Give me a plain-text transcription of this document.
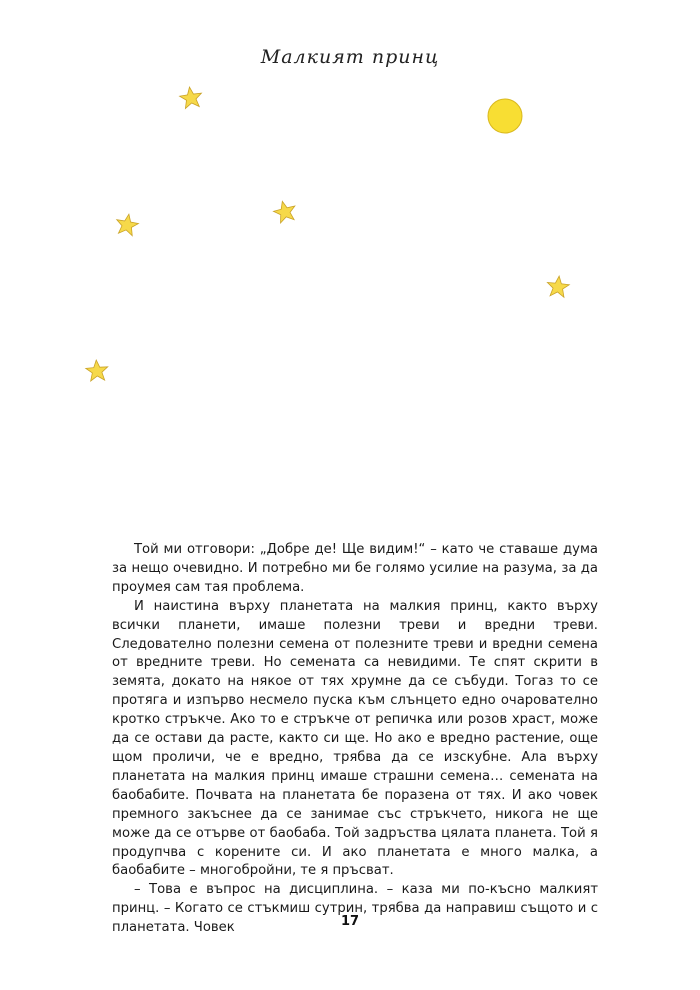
Малкият принц

Той ми отговори: „Добре де! Ще видим!“ – като че ставаше дума за нещо очевидно. И потребно ми бе голямо усилие на разума, за да проумея сам тая проблема.

И наистина върху планетата на малкия принц, както върху всички планети, имаше полезни треви и вредни треви. Следователно полезни семена от полезните треви и вредни семена от вредните треви. Но семената са невидими. Те спят скрити в земята, докато на някое от тях хрумне да се събуди. Тогаз то се протяга и изпърво несмело пуска към слънцето едно очарователно кротко стръкче. Ако то е стръкче от репичка или розов храст, може да се остави да расте, както си ще. Но ако е вредно растение, още щом проличи, че е вредно, трябва да се изскубне. Ала върху планетата на малкия принц имаше страшни семена… семената на баобабите. Почвата на планетата бе поразена от тях. И ако човек премного закъснее да се занимае със стръкчето, никога не ще може да се отърве от баобаба. Той задръства цялата планета. Той я продупчва с корените си. И ако планетата е много малка, а баобабите – многобройни, те я пръсват.

– Това е въпрос на дисциплина. – каза ми по-късно малкият принц. – Когато се стъкмиш сутрин, трябва да направиш същото и с планетата. Човек	17
